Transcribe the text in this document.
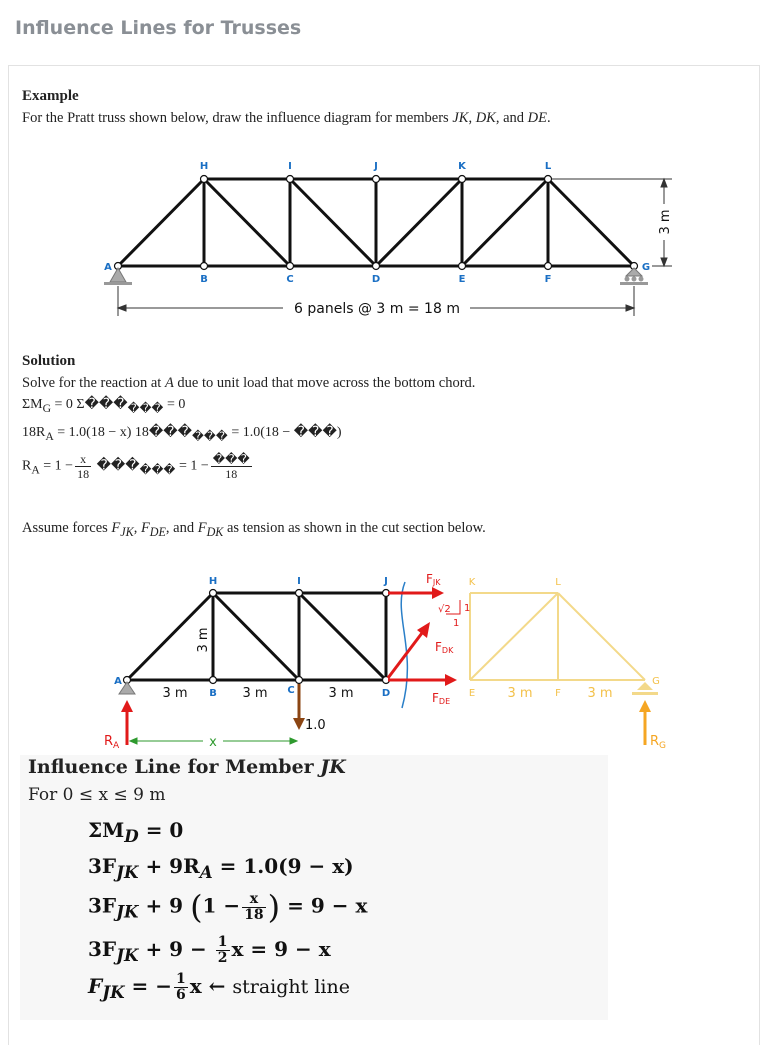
Influence Lines for Trusses
Example
For the Pratt truss shown below, draw the influence diagram for members JK, DK, and DE.
H	I	J	K	L
A
B	C	D	E	F
G
6 panels @ 3 m = 18 m
3 m
Solution
Solve for the reaction at A due to unit load that move across the bottom chord.
$\Sigma M_G = 0$ $\Sigma���_{���} = 0$
$18R_A = 1.0(18 - x)$ $18���_{���} = 1.0(18$ − ���)
$R_A = 1 - \frac{x}{18}$ $���_{���} = 1 - \frac{���}{18}$
Assume forces $F_{JK}$, $F_{DE}$, and $F_{DK}$ as tension as shown in the cut section below.
K	L
E	F
G
3 m	3 m
FJK
FDK
FDE
√2 1
1
H	I	J
A
B	C	D
3 m	3 m	3 m
3 m
$R_A$	$R_G$
1.0
x
Influence Line for Member JK
For 0 ≤ x ≤ 9 m
$\Sigma M_D = 0$
$3F_{JK} + 9R_A = 1.0(9 - x)$
$3F_{JK} + 9$ ($1 - \frac{x}{18}$ ) = 9 − x
$3F_{JK} + 9 - \frac{1}{2}$ x = 9 − x
$F_{JK}$ = − $\frac{1}{6}$ x ← straight line
